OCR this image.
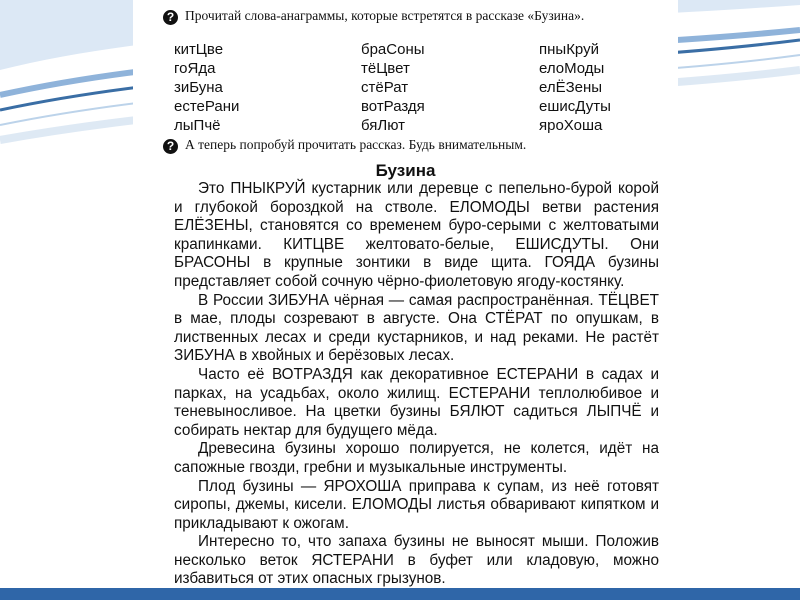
? Прочитай слова-анаграммы, которые встретятся в рассказе «Бузина».
китЦве	браСоны	пныКруй
гоЯда	тёЦвет	елоМоды
зиБуна	стёРат	елЁЗены
естеРани	вотРаздя	ешисДуты
лыПчё	бяЛют	яроХоша
? А теперь попробуй прочитать рассказ. Будь внимательным.
Бузина

Это ПНЫКРУЙ кустарник или деревце с пепельно-бурой корой и глубокой бороздкой на стволе. ЕЛОМОДЫ ветви растения ЕЛЁЗЕНЫ, становятся со временем буро-серыми с желтоватыми крапинками. КИТЦВЕ желтовато-белые, ЕШИСДУТЫ. Они БРАСОНЫ в крупные зонтики в виде щита. ГОЯДА бузины представляет собой сочную чёрно-фиолетовую ягоду-костянку.

В России ЗИБУНА чёрная — самая распространённая. ТЁЦВЕТ в мае, плоды созревают в августе. Она СТЁРАТ по опушкам, в лиственных лесах и среди кустарников, и над реками. Не растёт ЗИБУНА в хвойных и берёзовых лесах.

Часто её ВОТРАЗДЯ как декоративное ЕСТЕРАНИ в садах и парках, на усадьбах, около жилищ. ЕСТЕРАНИ теплолюбивое и теневыносливое. На цветки бузины БЯЛЮТ садиться ЛЫПЧЁ и собирать нектар для будущего мёда.

Древесина бузины хорошо полируется, не колется, идёт на сапожные гвозди, гребни и музыкальные инструменты.

Плод бузины — ЯРОХОША приправа к супам, из неё готовят сиропы, джемы, кисели. ЕЛОМОДЫ листья обваривают кипятком и прикладывают к ожогам.

Интересно то, что запаха бузины не выносят мыши. Положив несколько веток ЯСТЕРАНИ в буфет или кладовую, можно избавиться от этих опасных грызунов.
